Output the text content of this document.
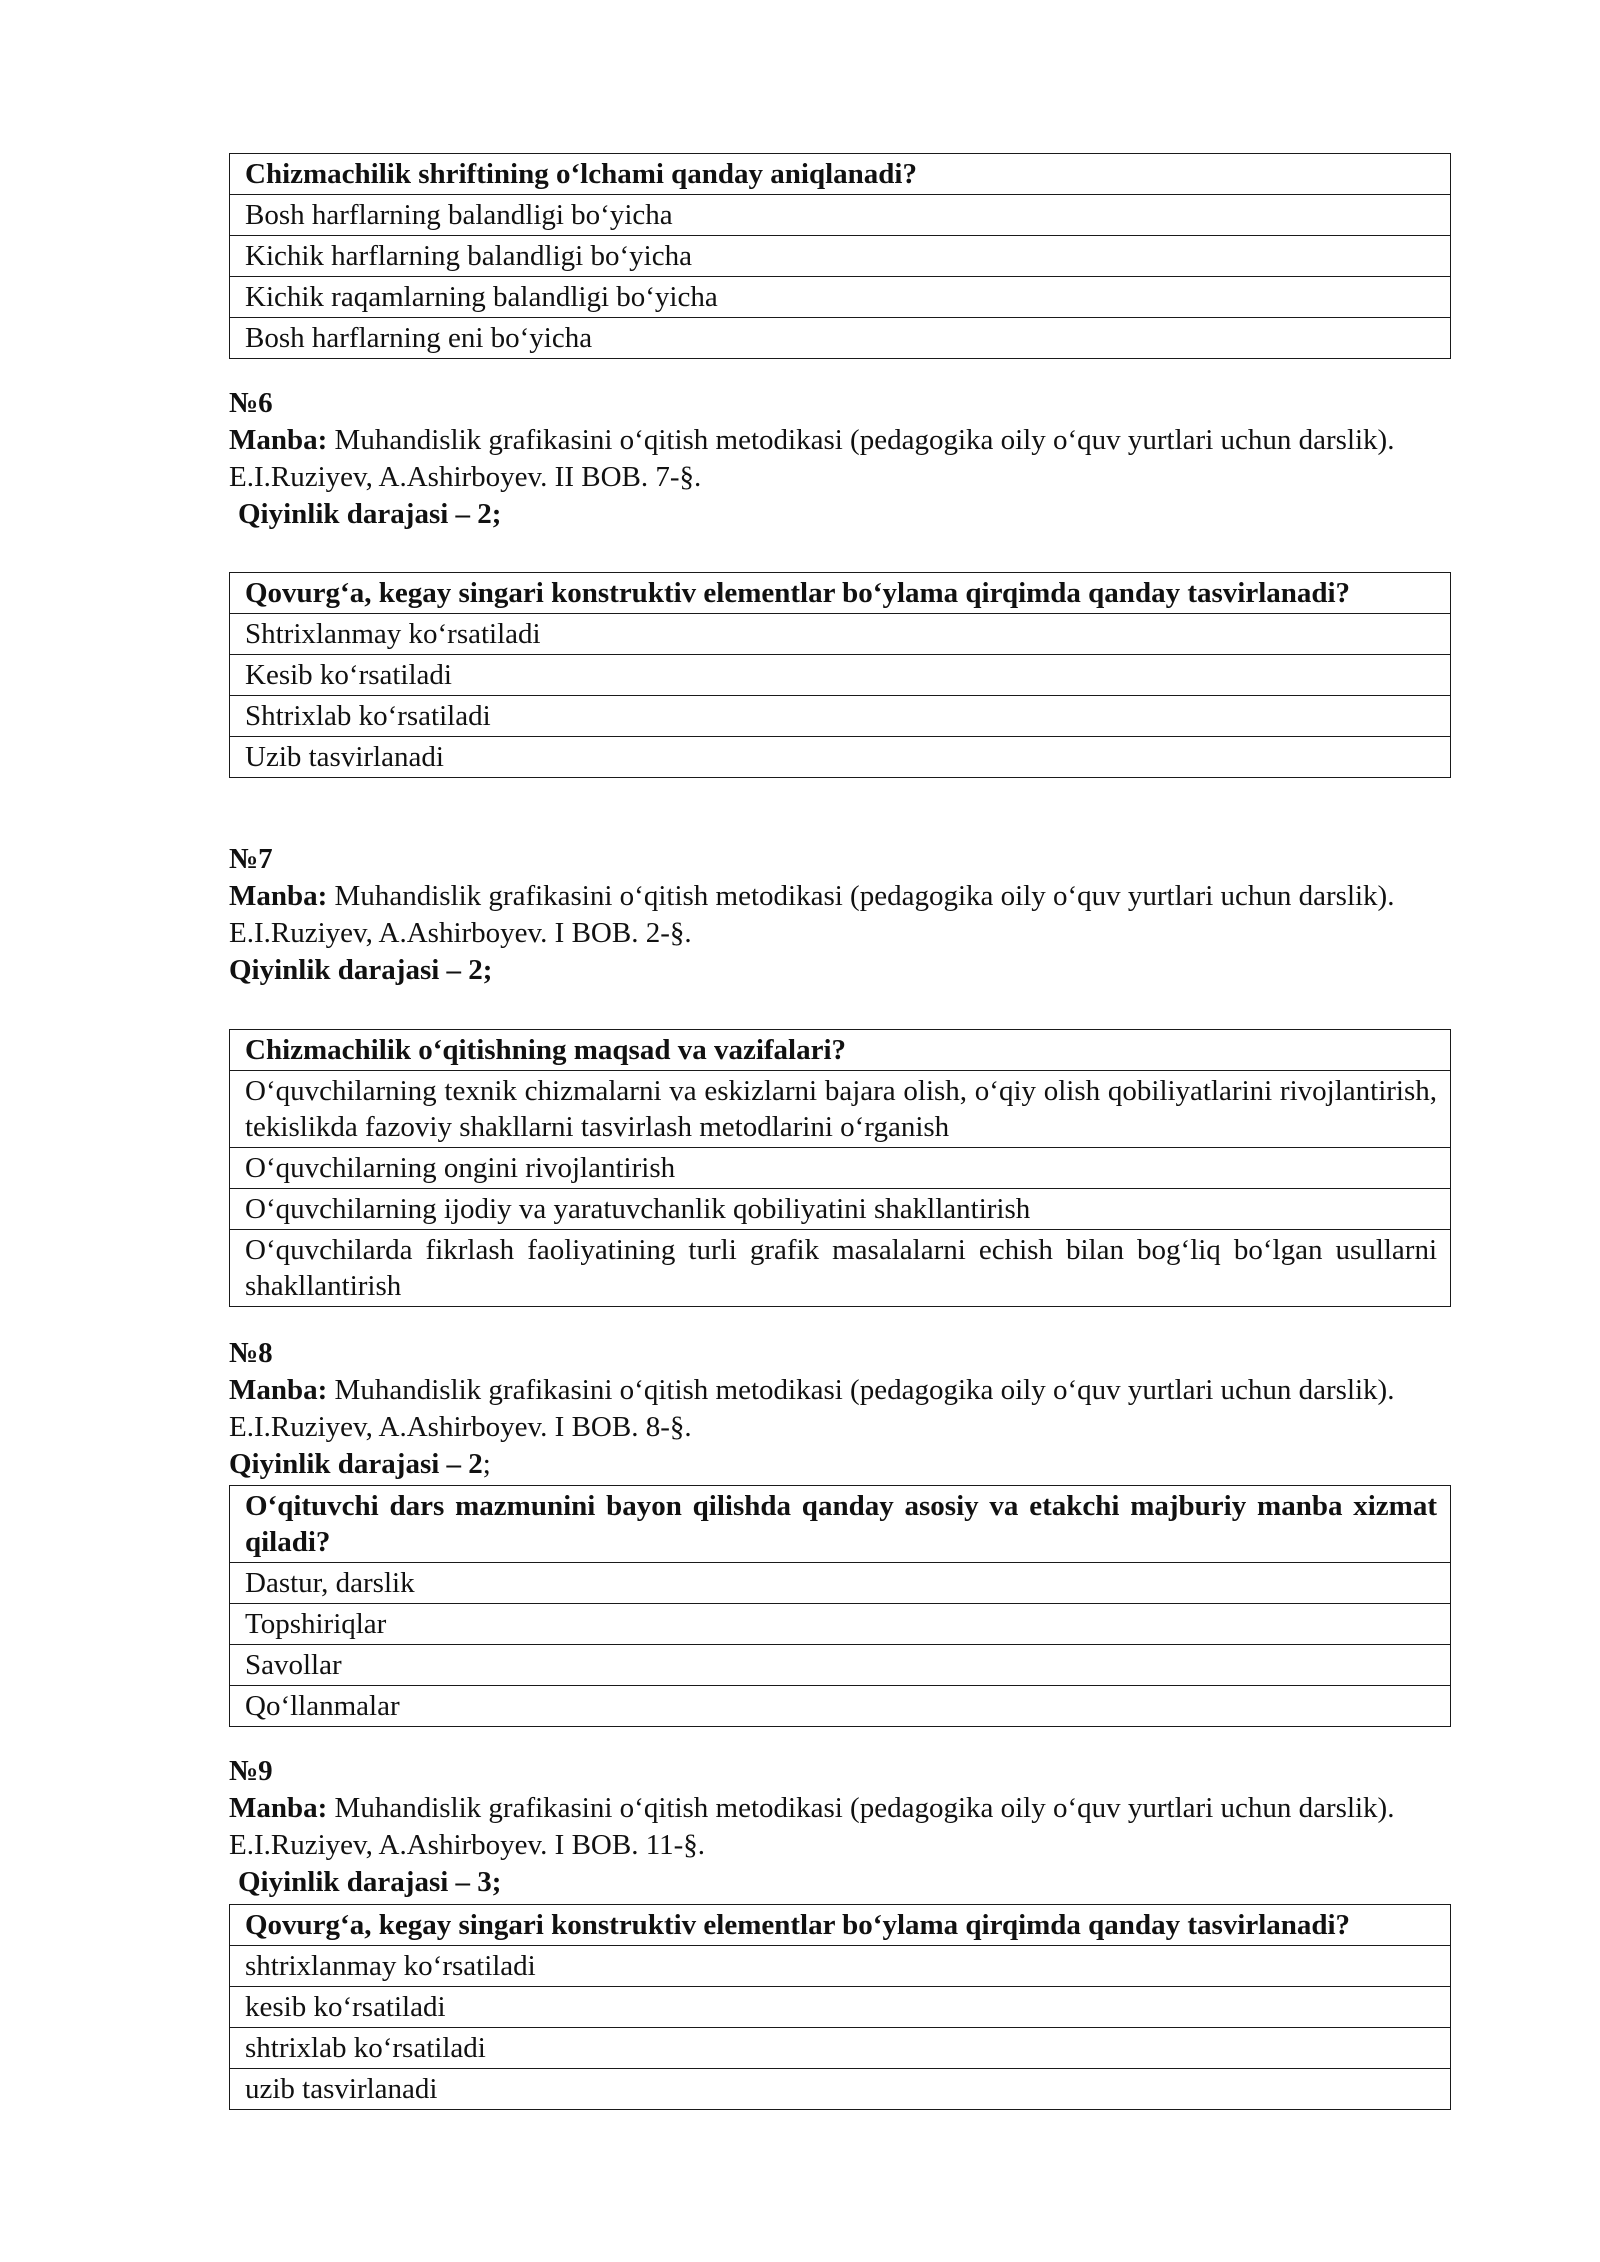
Chizmachilik shriftining o‘lchami qanday aniqlanadi?
Bosh harflarning balandligi bo‘yicha
Kichik harflarning balandligi bo‘yicha
Kichik raqamlarning balandligi bo‘yicha
Bosh harflarning eni bo‘yicha
№6
Manba: Muhandislik grafikasini o‘qitish metodikasi (pedagogika oily o‘quv yurtlari uchun darslik). E.I.Ruziyev, A.Ashirboyev. II BOB. 7-§.
Qiyinlik darajasi – 2;
Qovurg‘a, kegay singari konstruktiv elementlar bo‘ylama qirqimda qanday tasvirlanadi?
Shtrixlanmay ko‘rsatiladi
Kesib ko‘rsatiladi
Shtrixlab ko‘rsatiladi
Uzib tasvirlanadi
№7
Manba: Muhandislik grafikasini o‘qitish metodikasi (pedagogika oily o‘quv yurtlari uchun darslik). E.I.Ruziyev, A.Ashirboyev. I BOB. 2-§.
Qiyinlik darajasi – 2;
Chizmachilik o‘qitishning maqsad va vazifalari?
O‘quvchilarning texnik chizmalarni va eskizlarni bajara olish, o‘qiy olish qobiliyatlarini rivojlantirish, tekislikda fazoviy shakllarni tasvirlash metodlarini o‘rganish
O‘quvchilarning ongini rivojlantirish
O‘quvchilarning ijodiy va yaratuvchanlik qobiliyatini shakllantirish
O‘quvchilarda fikrlash faoliyatining turli grafik masalalarni echish bilan bog‘liq bo‘lgan usullarni shakllantirish
№8
Manba: Muhandislik grafikasini o‘qitish metodikasi (pedagogika oily o‘quv yurtlari uchun darslik). E.I.Ruziyev, A.Ashirboyev. I BOB. 8-§.
Qiyinlik darajasi – 2;
O‘qituvchi dars mazmunini bayon qilishda qanday asosiy va etakchi majburiy manba xizmat qiladi?
Dastur, darslik
Topshiriqlar
Savollar
Qo‘llanmalar
№9
Manba: Muhandislik grafikasini o‘qitish metodikasi (pedagogika oily o‘quv yurtlari uchun darslik). E.I.Ruziyev, A.Ashirboyev. I BOB. 11-§.
Qiyinlik darajasi – 3;
Qovurg‘a, kegay singari konstruktiv elementlar bo‘ylama qirqimda qanday tasvirlanadi?
shtrixlanmay ko‘rsatiladi
kesib ko‘rsatiladi
shtrixlab ko‘rsatiladi
uzib tasvirlanadi
